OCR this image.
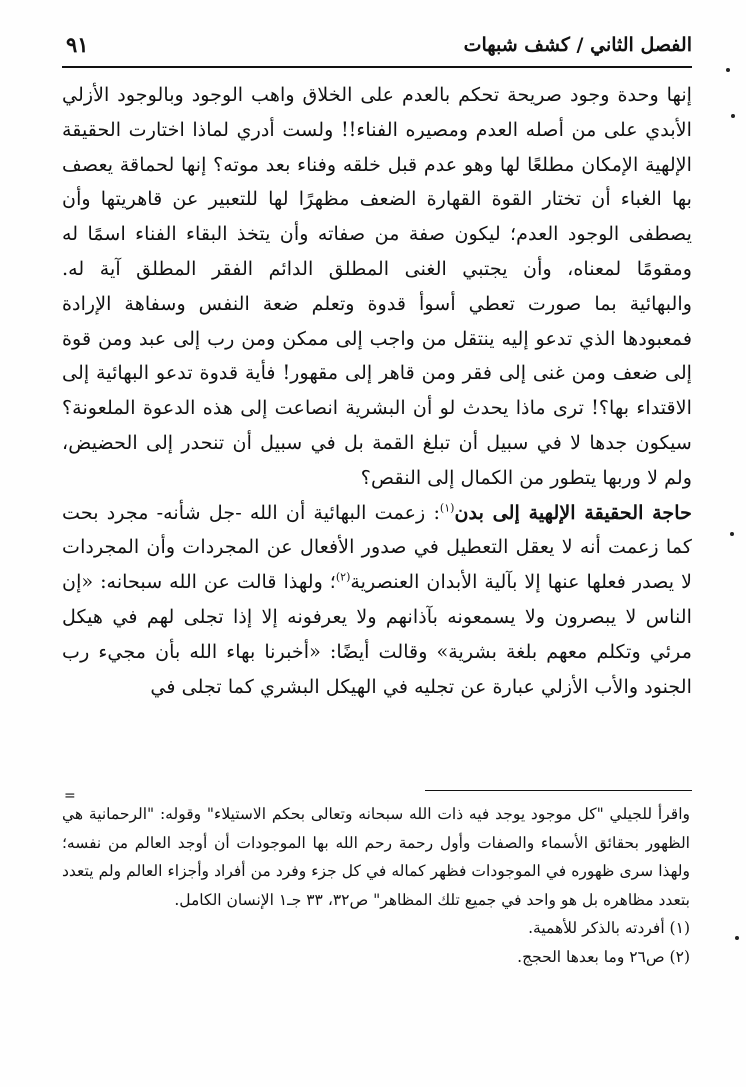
الفصل الثاني / كشف شبهات
٩١

إنها وحدة وجود صريحة تحكم بالعدم على الخلاق واهب الوجود وبالوجود الأزلي الأبدي على من أصله العدم ومصيره الفناء!! ولست أدري لماذا اختارت الحقيقة الإلهية الإمكان مطلعًا لها وهو عدم قبل خلقه وفناء بعد موته؟ إنها لحماقة يعصف بها الغباء أن تختار القوة القهارة الضعف مظهرًا لها للتعبير عن قاهريتها وأن يصطفى الوجود العدم؛ ليكون صفة من صفاته وأن يتخذ البقاء الفناء اسمًا له ومقومًا لمعناه، وأن يجتبي الغنى المطلق الدائم الفقر المطلق آية له.

والبهائية بما صورت تعطي أسوأ قدوة وتعلم ضعة النفس وسفاهة الإرادة فمعبودها الذي تدعو إليه ينتقل من واجب إلى ممكن ومن رب إلى عبد ومن قوة إلى ضعف ومن غنى إلى فقر ومن قاهر إلى مقهور! فأية قدوة تدعو البهائية إلى الاقتداء بها؟! ترى ماذا يحدث لو أن البشرية انصاعت إلى هذه الدعوة الملعونة؟ سيكون جدها لا في سبيل أن تبلغ القمة بل في سبيل أن تنحدر إلى الحضيض، ولم لا وربها يتطور من الكمال إلى النقص؟

حاجة الحقيقة الإلهية إلى بدن$^{(١)}$: زعمت البهائية أن الله -جل شأنه- مجرد بحت كما زعمت أنه لا يعقل التعطيل في صدور الأفعال عن المجردات وأن المجردات لا يصدر فعلها عنها إلا بآلية الأبدان العنصرية$^{(٢)}$؛ ولهذا قالت عن الله سبحانه: «إن الناس لا يبصرون ولا يسمعونه بآذانهم ولا يعرفونه إلا إذا تجلى لهم في هيكل مرئي وتكلم معهم بلغة بشرية» وقالت أيضًا: «أخبرنا بهاء الله بأن مجيء رب الجنود والأب الأزلي عبارة عن تجليه في الهيكل البشري كما تجلى في

=

واقرأ للجيلي "كل موجود يوجد فيه ذات الله سبحانه وتعالى بحكم الاستيلاء" وقوله: "الرحمانية هي الظهور بحقائق الأسماء والصفات وأول رحمة رحم الله بها الموجودات أن أوجد العالم من نفسه؛ ولهذا سرى ظهوره في الموجودات فظهر كماله في كل جزء وفرد من أفراد وأجزاء العالم ولم يتعدد بتعدد مظاهره بل هو واحد في جميع تلك المظاهر" ص٣٢، ٣٣ جـ١ الإنسان الكامل.

(١) أفردته بالذكر للأهمية.

(٢) ص٢٦ وما بعدها الحجج.
